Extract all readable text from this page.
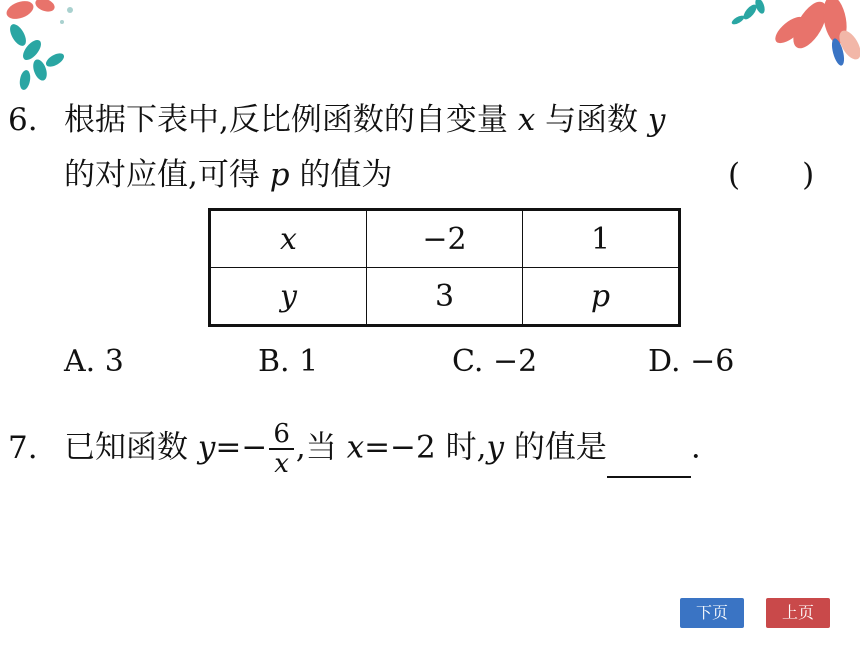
6. 根据下表中,反比例函数的自变量 x 与函数 y
的对应值,可得 p 的值为	(　　)
x	−2	1
y	3	p
A. 3	B. 1	C. −2	D. −6
7. 已知函数 $y=- \frac{6}{x}$ ,当 x=−2 时,y 的值是	.
下页	上页
